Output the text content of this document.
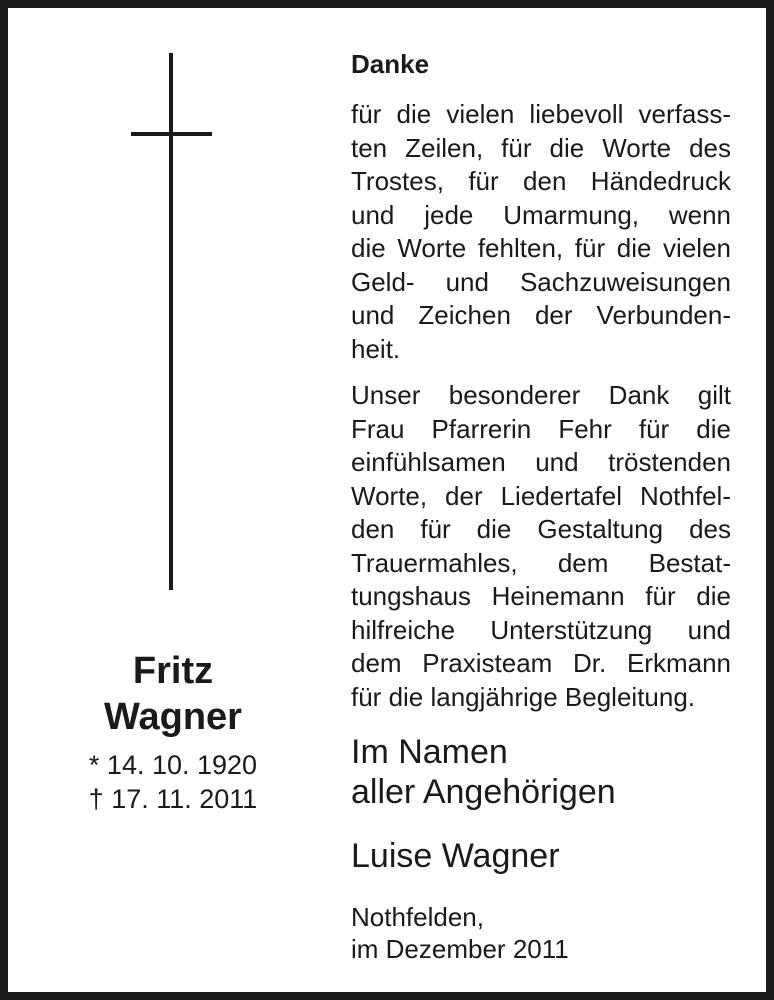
Fritz
Wagner
* 14. 10. 1920
† 17. 11. 2011
Danke
für die vielen liebevoll verfass-
ten Zeilen, für die Worte des
Trostes, für den Händedruck
und jede Umarmung, wenn
die Worte fehlten, für die vielen
Geld- und Sachzuweisungen
und Zeichen der Verbunden-
heit.
Unser besonderer Dank gilt
Frau Pfarrerin Fehr für die
einfühlsamen und tröstenden
Worte, der Liedertafel Nothfel-
den für die Gestaltung des
Trauermahles, dem Bestat-
tungshaus Heinemann für die
hilfreiche Unterstützung und
dem Praxisteam Dr. Erkmann
für die langjährige Begleitung.
Im Namen
aller Angehörigen
Luise Wagner
Nothfelden,
im Dezember 2011
